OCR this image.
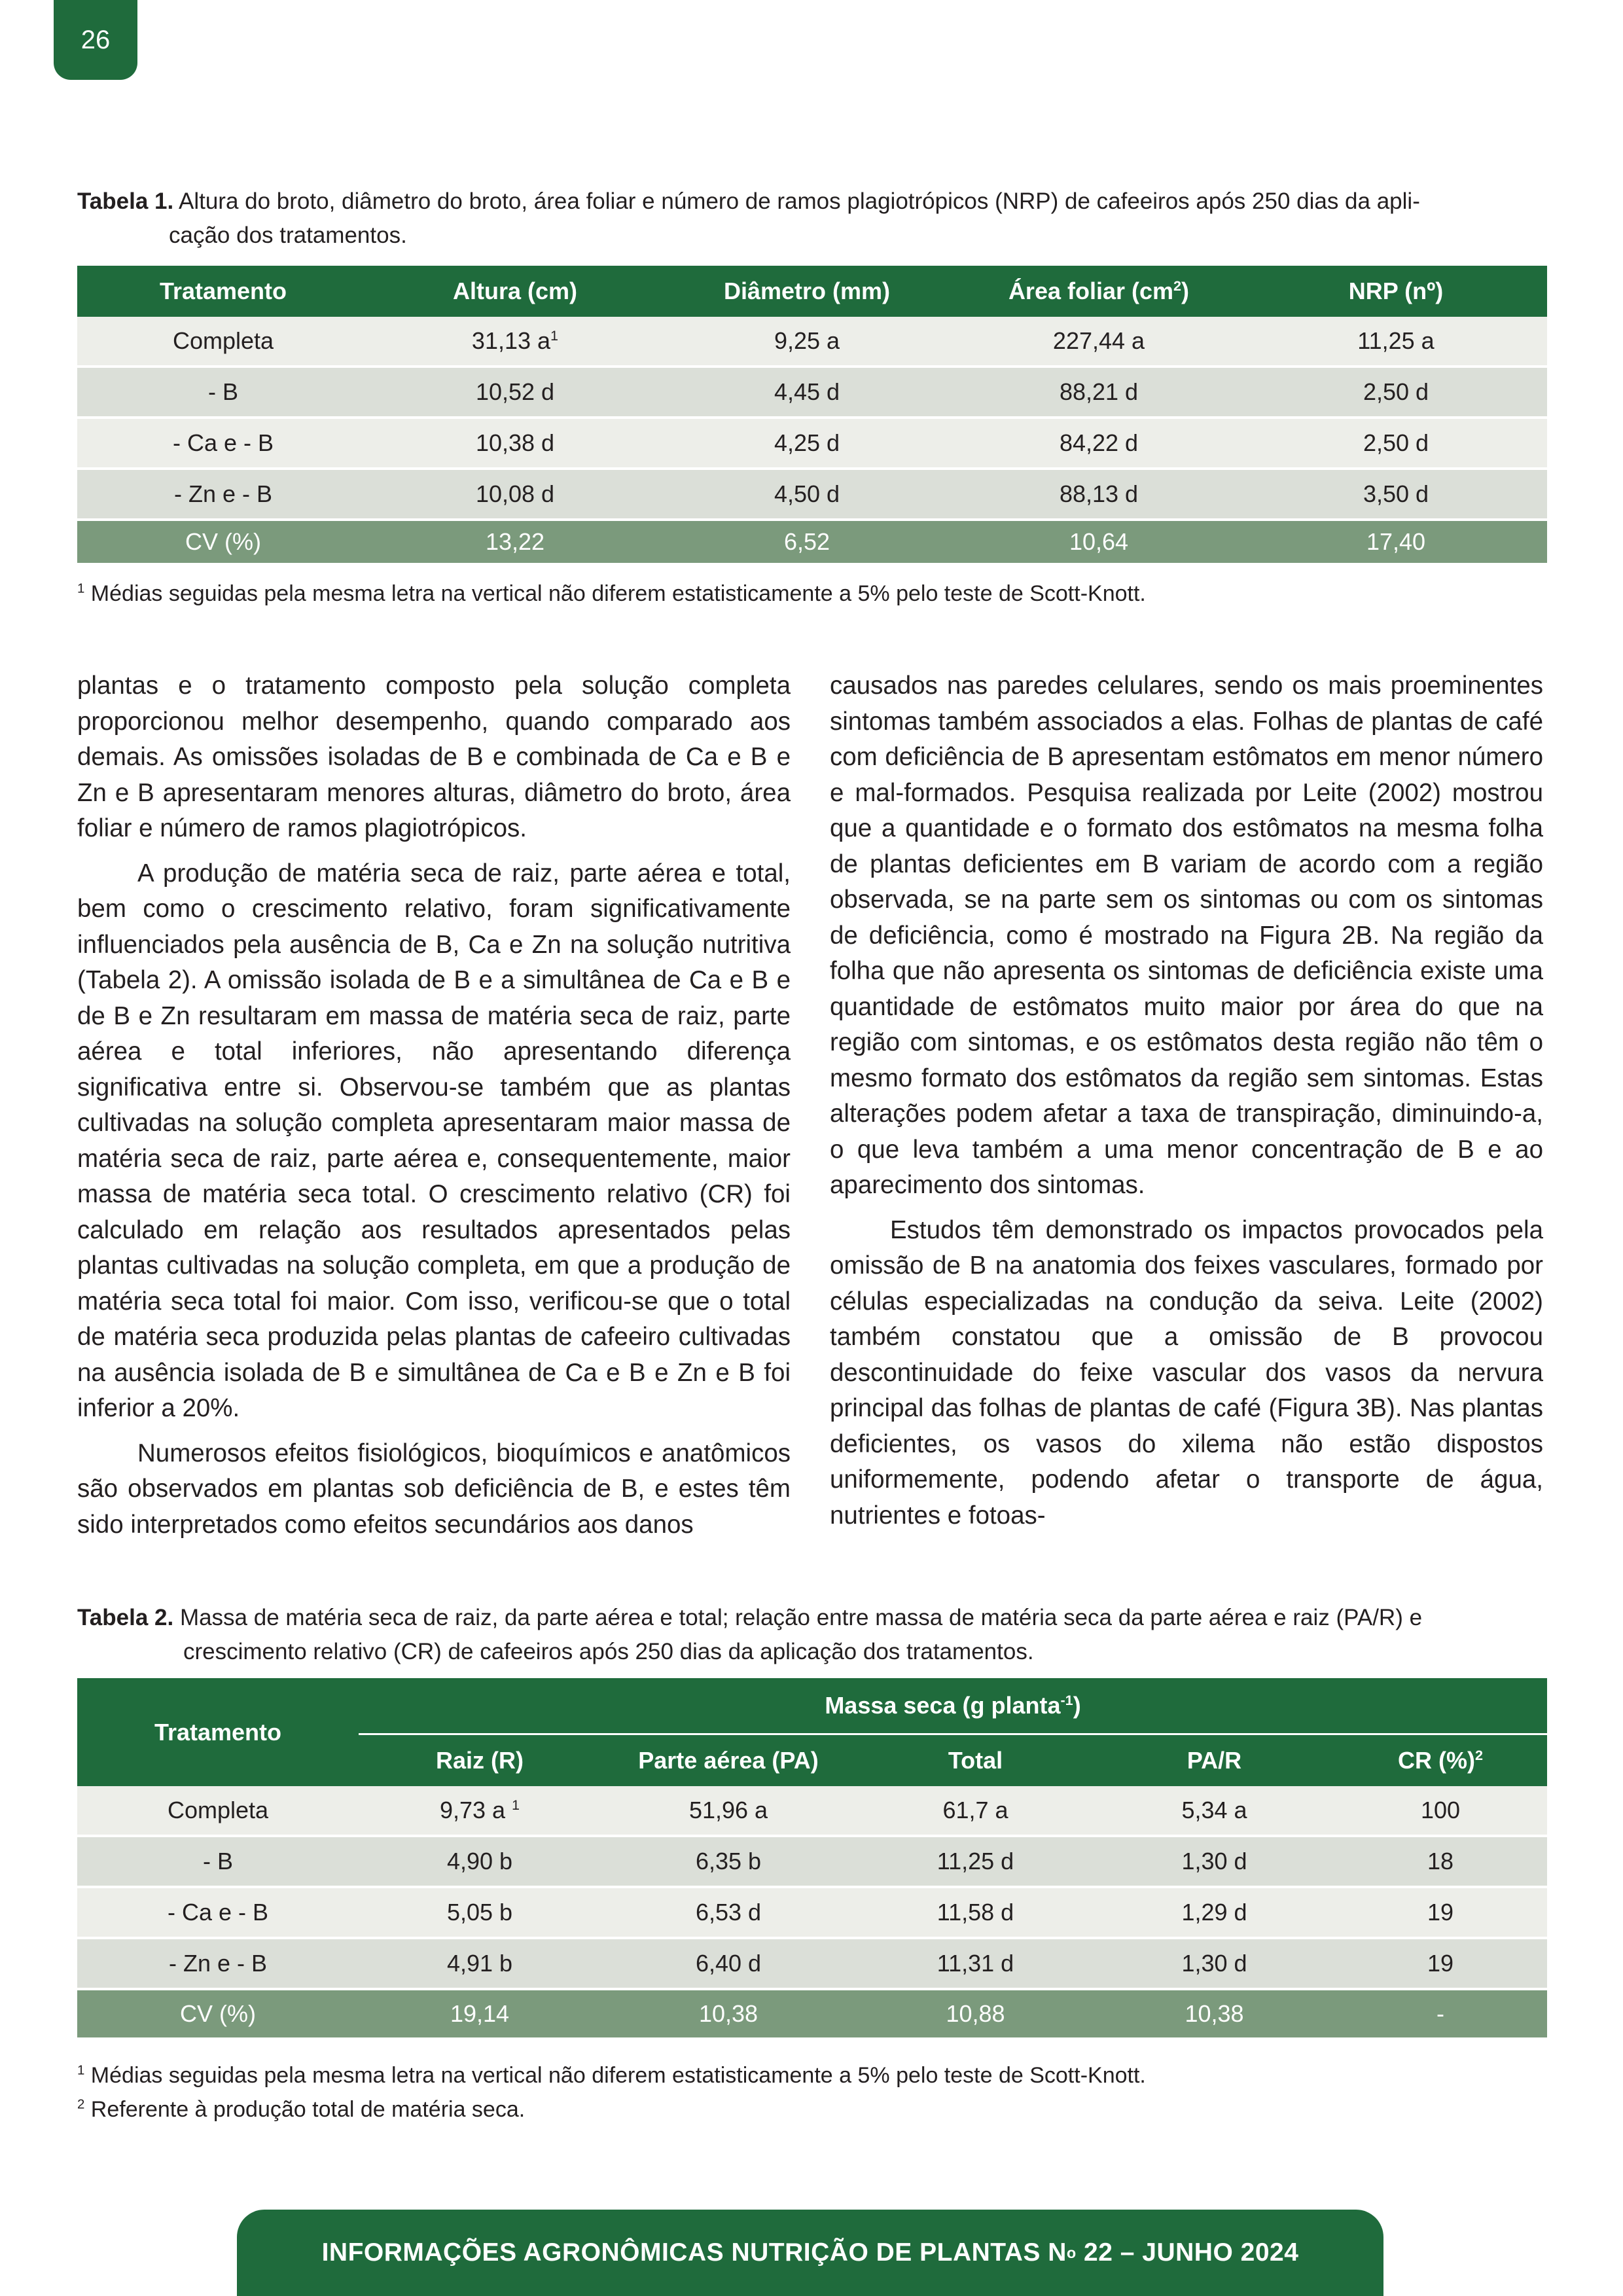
26
Tabela 1. Altura do broto, diâmetro do broto, área foliar e número de ramos plagiotrópicos (NRP) de cafeeiros após 250 dias da apli-
cação dos tratamentos.
Tratamento	Altura (cm)	Diâmetro (mm)	Área foliar $(cm^2)$	NRP (nº)
Completa	31,13 $a^1$	9,25 a	227,44 a	11,25 a
- B	10,52 d	4,45 d	88,21 d	2,50 d
- Ca e - B	10,38 d	4,25 d	84,22 d	2,50 d
- Zn e - B	10,08 d	4,50 d	88,13 d	3,50 d
CV (%)	13,22	6,52	10,64	17,40
$^1$ Médias seguidas pela mesma letra na vertical não diferem estatisticamente a 5% pelo teste de Scott-Knott.

plantas e o tratamento composto pela solução completa proporcionou melhor desempenho, quando comparado aos demais. As omissões isoladas de B e combinada de Ca e B e Zn e B apresentaram menores alturas, diâmetro do broto, área foliar e número de ramos plagiotrópicos.

A produção de matéria seca de raiz, parte aérea e total, bem como o crescimento relativo, foram significativamente influenciados pela ausência de B, Ca e Zn na solução nutritiva (Tabela 2). A omissão isolada de B e a simultânea de Ca e B e de B e Zn resultaram em massa de matéria seca de raiz, parte aérea e total inferiores, não apresentando diferença significativa entre si. Observou-se também que as plantas cultivadas na solução completa apresentaram maior massa de matéria seca de raiz, parte aérea e, consequentemente, maior massa de matéria seca total. O crescimento relativo (CR) foi calculado em relação aos resultados apresentados pelas plantas cultivadas na solução completa, em que a produção de matéria seca total foi maior. Com isso, verificou-se que o total de matéria seca produzida pelas plantas de cafeeiro cultivadas na ausência isolada de B e simultânea de Ca e B e Zn e B foi inferior a 20%.

Numerosos efeitos fisiológicos, bioquímicos e anatômicos são observados em plantas sob deficiência de B, e estes têm sido interpretados como efeitos secundários aos danos

causados nas paredes celulares, sendo os mais proeminentes sintomas também associados a elas. Folhas de plantas de café com deficiência de B apresentam estômatos em menor número e mal-formados. Pesquisa realizada por Leite (2002) mostrou que a quantidade e o formato dos estômatos na mesma folha de plantas deficientes em B variam de acordo com a região observada, se na parte sem os sintomas ou com os sintomas de deficiência, como é mostrado na Figura 2B. Na região da folha que não apresenta os sintomas de deficiência existe uma quantidade de estômatos muito maior por área do que na região com sintomas, e os estômatos desta região não têm o mesmo formato dos estômatos da região sem sintomas. Estas alterações podem afetar a taxa de transpiração, diminuindo-a, o que leva também a uma menor concentração de B e ao aparecimento dos sintomas.

Estudos têm demonstrado os impactos provocados pela omissão de B na anatomia dos feixes vasculares, formado por células especializadas na condução da seiva. Leite (2002) também constatou que a omissão de B provocou descontinuidade do feixe vascular dos vasos da nervura principal das folhas de plantas de café (Figura 3B). Nas plantas deficientes, os vasos do xilema não estão dispostos uniformemente, podendo afetar o transporte de água, nutrientes e fotoas-

Tabela 2. Massa de matéria seca de raiz, da parte aérea e total; relação entre massa de matéria seca da parte aérea e raiz (PA/R) e
crescimento relativo (CR) de cafeeiros após 250 dias da aplicação dos tratamentos.
Tratamento	Massa seca (g planta$^{-1}$)				
	Raiz (R)	Parte aérea (PA)	Total	PA/R	CR (%)$^2$
Completa	9,73 a $^1$	51,96 a	61,7 a	5,34 a	100
- B	4,90 b	6,35 b	11,25 d	1,30 d	18
- Ca e - B	5,05 b	6,53 d	11,58 d	1,29 d	19
- Zn e - B	4,91 b	6,40 d	11,31 d	1,30 d	19
CV (%)	19,14	10,38	10,88	10,38	-
$^1$ Médias seguidas pela mesma letra na vertical não diferem estatisticamente a 5% pelo teste de Scott-Knott.
$^2$ Referente à produção total de matéria seca.
INFORMAÇÕES AGRONÔMICAS NUTRIÇÃO DE PLANTAS N o 22 – JUNHO 2024
